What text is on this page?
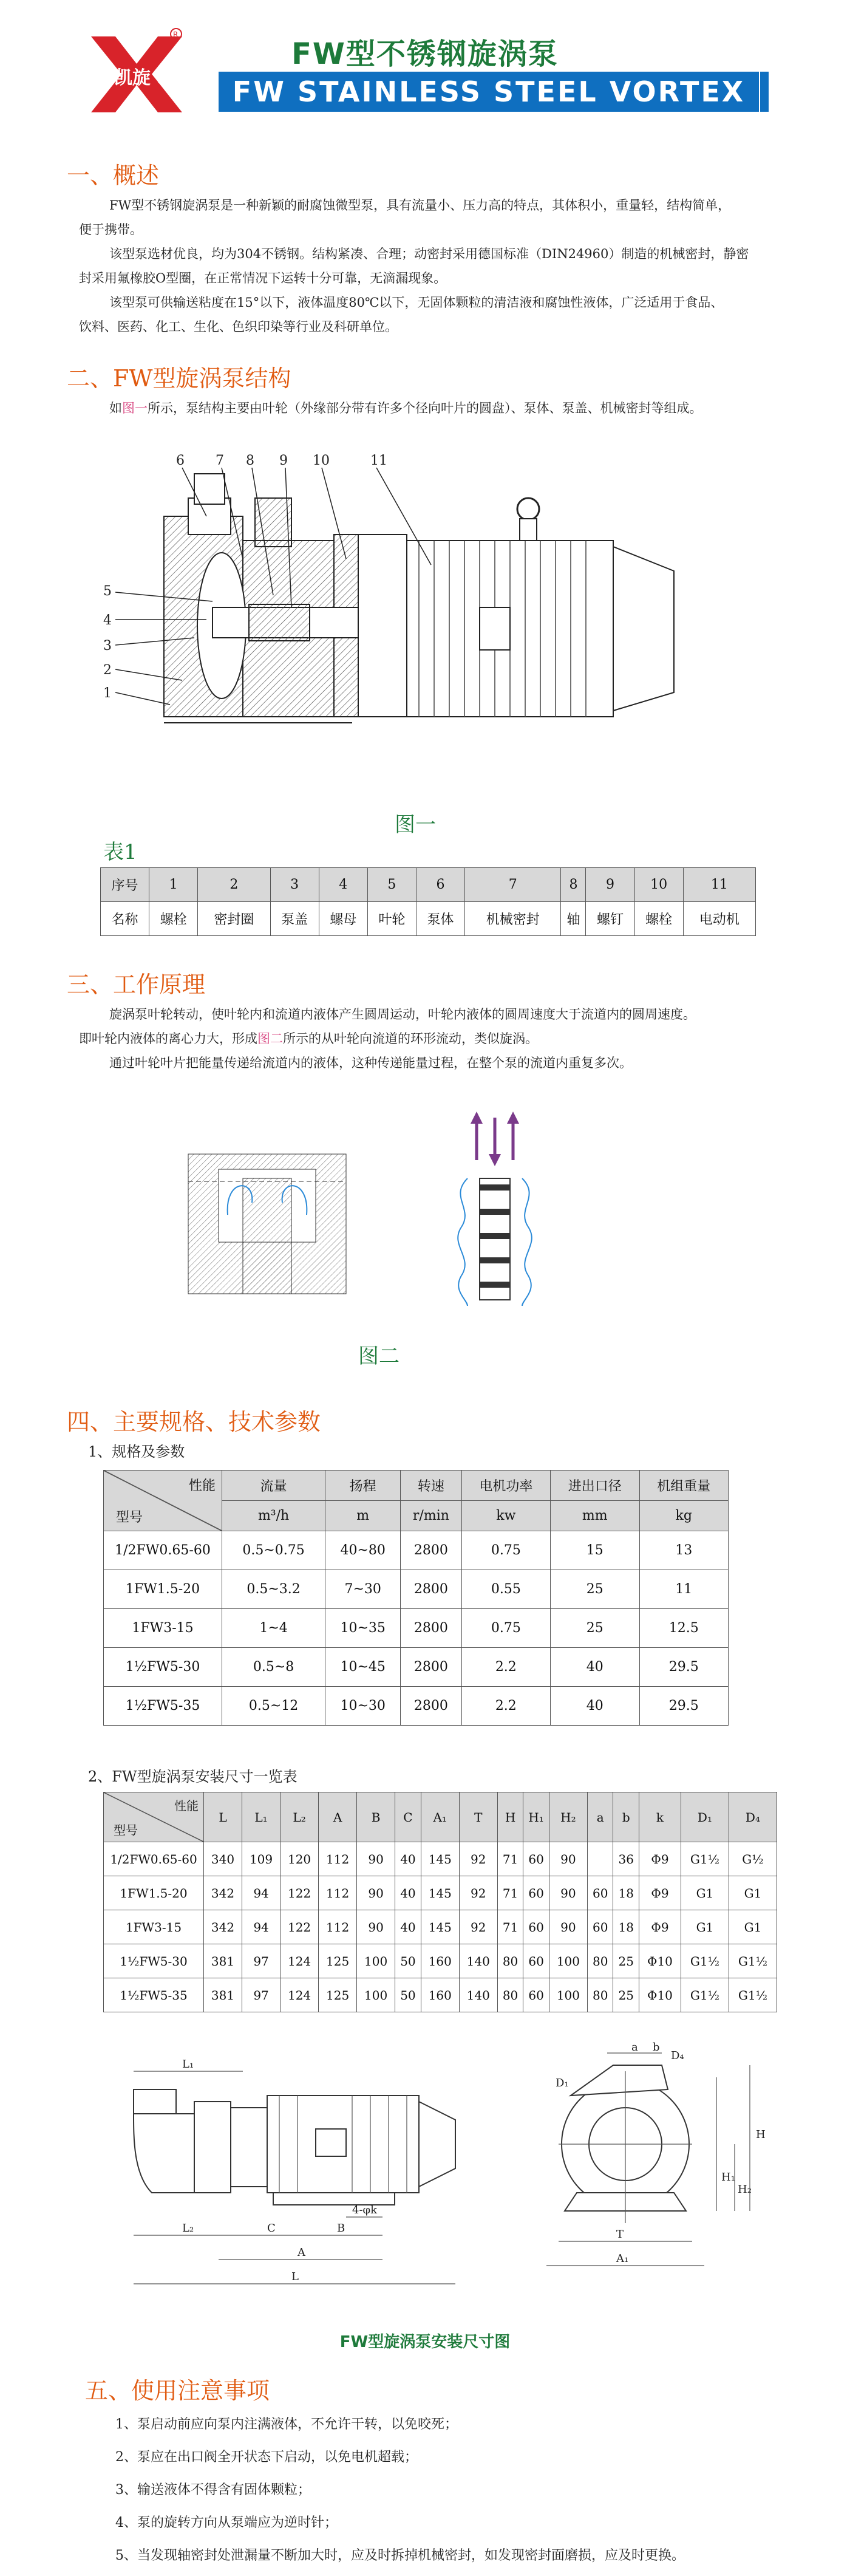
凯旋 S
R
FW型不锈钢旋涡泵
FW STAINLESS STEEL VORTEX PUMP
一、概述
FW型不锈钢旋涡泵是一种新颖的耐腐蚀微型泵，具有流量小、压力高的特点，其体积小，重量轻，结构简单，
便于携带。
该型泵选材优良，均为304不锈钢。结构紧凑、合理；动密封采用德国标准（DIN24960）制造的机械密封，静密
封采用氟橡胶O型圈，在正常情况下运转十分可靠，无滴漏现象。
该型泵可供输送粘度在15°以下，液体温度80℃以下，无固体颗粒的清洁液和腐蚀性液体，广泛适用于食品、
饮料、医药、化工、生化、色织印染等行业及科研单位。
二、FW型旋涡泵结构
如图一所示，泵结构主要由叶轮（外缘部分带有许多个径向叶片的圆盘）、泵体、泵盖、机械密封等组成。
1
2
3
4
5
6 7 8 9 10	11
图一
表1
序号	1	2	3	4	5	6	7	8	9	10	11
名称	螺栓	密封圈	泵盖	螺母	叶轮	泵体	机械密封	轴	螺钉	螺栓	电动机
三、工作原理
旋涡泵叶轮转动，使叶轮内和流道内液体产生圆周运动，叶轮内液体的圆周速度大于流道内的圆周速度。
即叶轮内液体的离心力大，形成图二所示的从叶轮向流道的环形流动，类似旋涡。
通过叶轮叶片把能量传递给流道内的液体，这种传递能量过程，在整个泵的流道内重复多次。
图二
四、主要规格、技术参数
1、规格及参数
性能
型号	流量	扬程	转速	电机功率	进出口径	机组重量
	m³/h	m	r/min	kw	mm	kg
1/2FW0.65-60	0.5~0.75	40~80	2800	0.75	15	13
1FW1.5-20	0.5~3.2	7~30	2800	0.55	25	11
1FW3-15	1~4	10~35	2800	0.75	25	12.5
1½FW5-30	0.5~8	10~45	2800	2.2	40	29.5
1½FW5-35	0.5~12	10~30	2800	2.2	40	29.5
2、FW型旋涡泵安装尺寸一览表
性能
型号	L	L₁	L₂	A	B	C	A₁	T	H	H₁	H₂	a	b	k	D₁	D₄
1/2FW0.65-60	340	109	120	112	90	40	145	92	71	60	90		36	Φ9	G1½	G½
1FW1.5-20	342	94	122	112	90	40	145	92	71	60	90	60	18	Φ9	G1	G1
1FW3-15	342	94	122	112	90	40	145	92	71	60	90	60	18	Φ9	G1	G1
1½FW5-30	381	97	124	125	100	50	160	140	80	60	100	80	25	Φ10	G1½	G1½
1½FW5-35	381	97	124	125	100	50	160	140	80	60	100	80	25	Φ10	G1½	G1½
L₁
L₂	C	B
A
L
4-φk
D₁
D₄
H
H₁
H₂
T
A₁
a b
FW型旋涡泵安装尺寸图
五、使用注意事项
1、泵启动前应向泵内注满液体，不允许干转，以免咬死；
2、泵应在出口阀全开状态下启动，以免电机超载；
3、输送液体不得含有固体颗粒；
4、泵的旋转方向从泵端应为逆时针；
5、当发现轴密封处泄漏量不断加大时，应及时拆掉机械密封，如发现密封面磨损，应及时更换。
